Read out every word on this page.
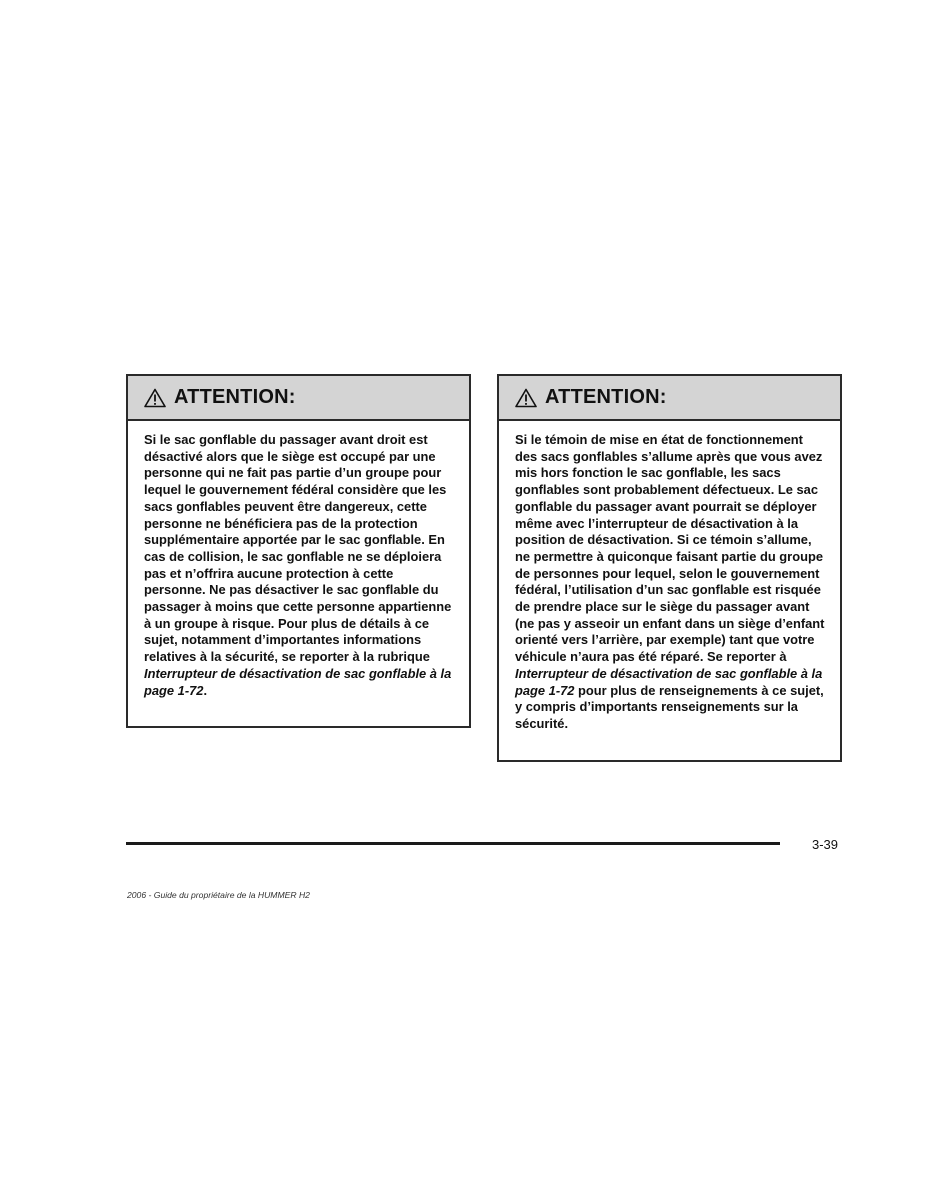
ATTENTION:
Si le sac gonflable du passager avant droit est désactivé alors que le siège est occupé par une personne qui ne fait pas partie d’un groupe pour lequel le gouvernement fédéral considère que les sacs gonflables peuvent être dangereux, cette personne ne bénéficiera pas de la protection supplémentaire apportée par le sac gonflable. En cas de collision, le sac gonflable ne se déploiera pas et n’offrira aucune protection à cette personne. Ne pas désactiver le sac gonflable du passager à moins que cette personne appartienne à un groupe à risque. Pour plus de détails à ce sujet, notamment d’importantes informations relatives à la sécurité, se reporter à la rubrique Interrupteur de désactivation de sac gonflable à la page 1-72.
ATTENTION:
Si le témoin de mise en état de fonctionnement des sacs gonflables s’allume après que vous avez mis hors fonction le sac gonflable, les sacs gonflables sont probablement défectueux. Le sac gonflable du passager avant pourrait se déployer même avec l’interrupteur de désactivation à la position de désactivation. Si ce témoin s’allume, ne permettre à quiconque faisant partie du groupe de personnes pour lequel, selon le gouvernement fédéral, l’utilisation d’un sac gonflable est risquée de prendre place sur le siège du passager avant (ne pas y asseoir un enfant dans un siège d’enfant orienté vers l’arrière, par exemple) tant que votre véhicule n’aura pas été réparé. Se reporter à Interrupteur de désactivation de sac gonflable à la page 1-72 pour plus de renseignements à ce sujet, y compris d’importants renseignements sur la sécurité.
3-39
2006 - Guide du propriétaire de la HUMMER H2
